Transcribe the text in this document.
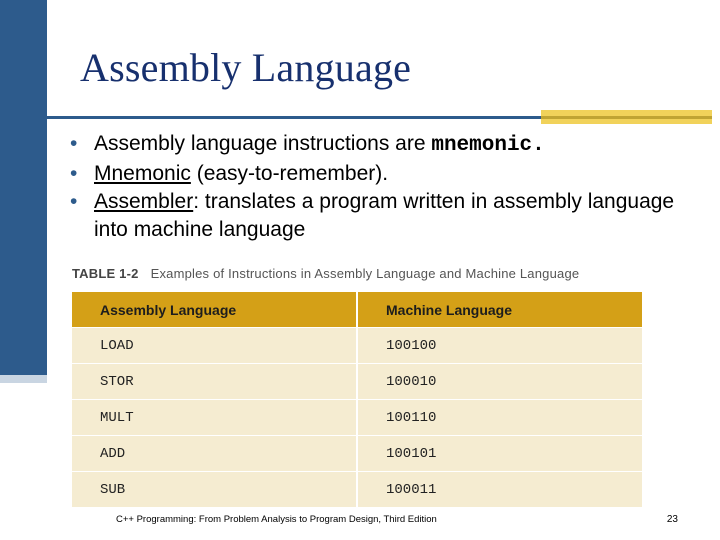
Assembly Language
• Assembly language instructions are mnemonic.
• Mnemonic (easy-to-remember).
• Assembler: translates a program written in assembly language into machine language
TABLE 1-2 Examples of Instructions in Assembly Language and Machine Language
Assembly Language	Machine Language
LOAD	100100
STOR	100010
MULT	100110
ADD	100101
SUB	100011
C++ Programming: From Problem Analysis to Program Design, Third Edition	23
